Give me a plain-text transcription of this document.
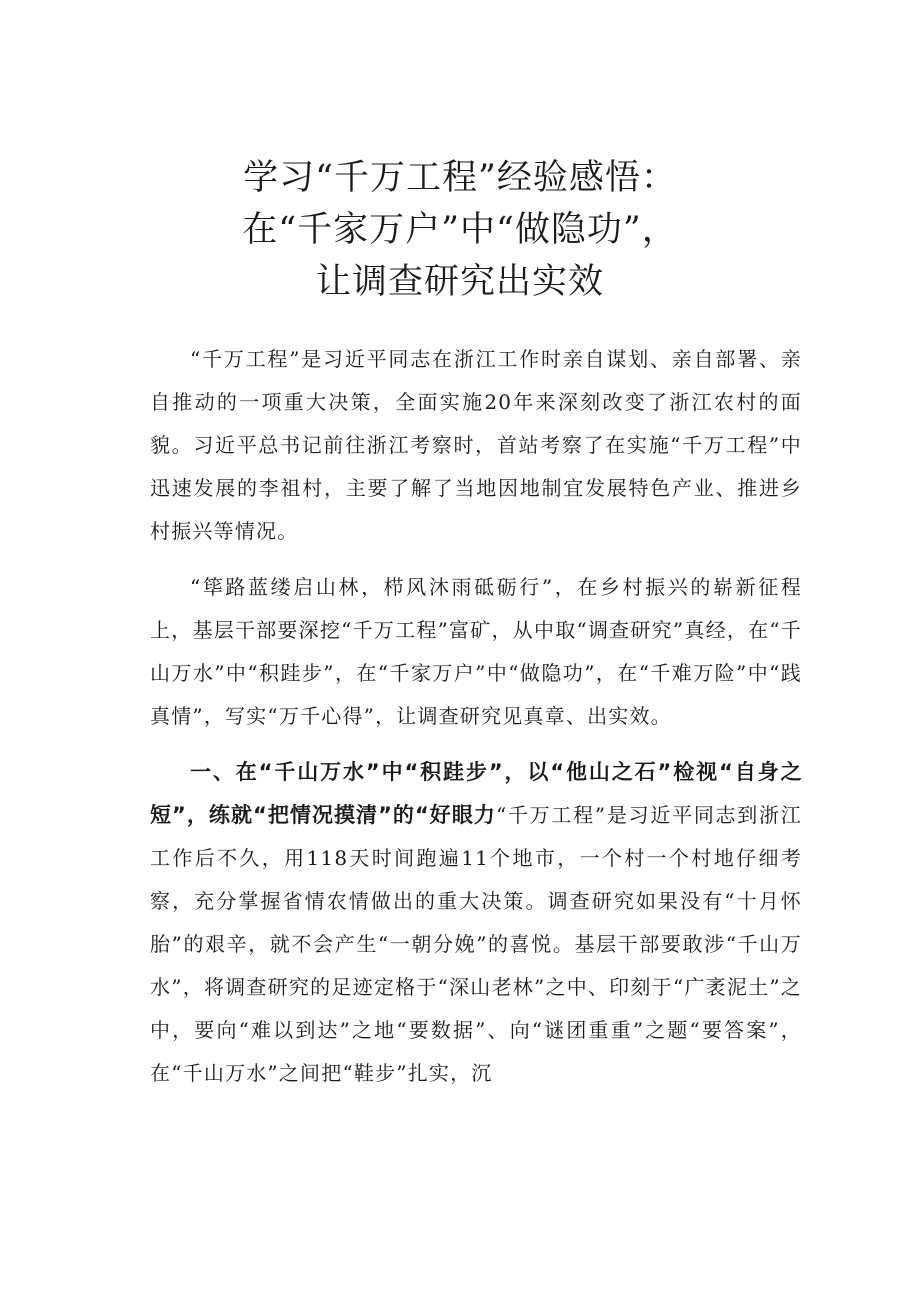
学习“千万工程”经验感悟：
在“千家万户”中“做隐功”，
让调查研究出实效

“千万工程”是习近平同志在浙江工作时亲自谋划、亲自部署、亲自推动的一项重大决策，全面实施20年来深刻改变了浙江农村的面貌。习近平总书记前往浙江考察时，首站考察了在实施“千万工程”中迅速发展的李祖村，主要了解了当地因地制宜发展特色产业、推进乡村振兴等情况。

“筚路蓝缕启山林，栉风沐雨砥砺行”，在乡村振兴的崭新征程上，基层干部要深挖“千万工程”富矿，从中取“调查研究”真经，在“千山万水”中“积跬步”，在“千家万户”中“做隐功”，在“千难万险”中“践真情”，写实“万千心得”，让调查研究见真章、出实效。

一、在“千山万水”中“积跬步”，以“他山之石”检视“自身之短”，练就“把情况摸清”的“好眼力“千万工程”是习近平同志到浙江工作后不久，用118天时间跑遍11个地市，一个村一个村地仔细考察，充分掌握省情农情做出的重大决策。调查研究如果没有“十月怀胎”的艰辛，就不会产生“一朝分娩”的喜悦。基层干部要敢涉“千山万水”，将调查研究的足迹定格于“深山老林”之中、印刻于“广袤泥土”之中，要向“难以到达”之地“要数据”、向“谜团重重”之题“要答案”，在“千山万水”之间把“鞋步”扎实，沉
